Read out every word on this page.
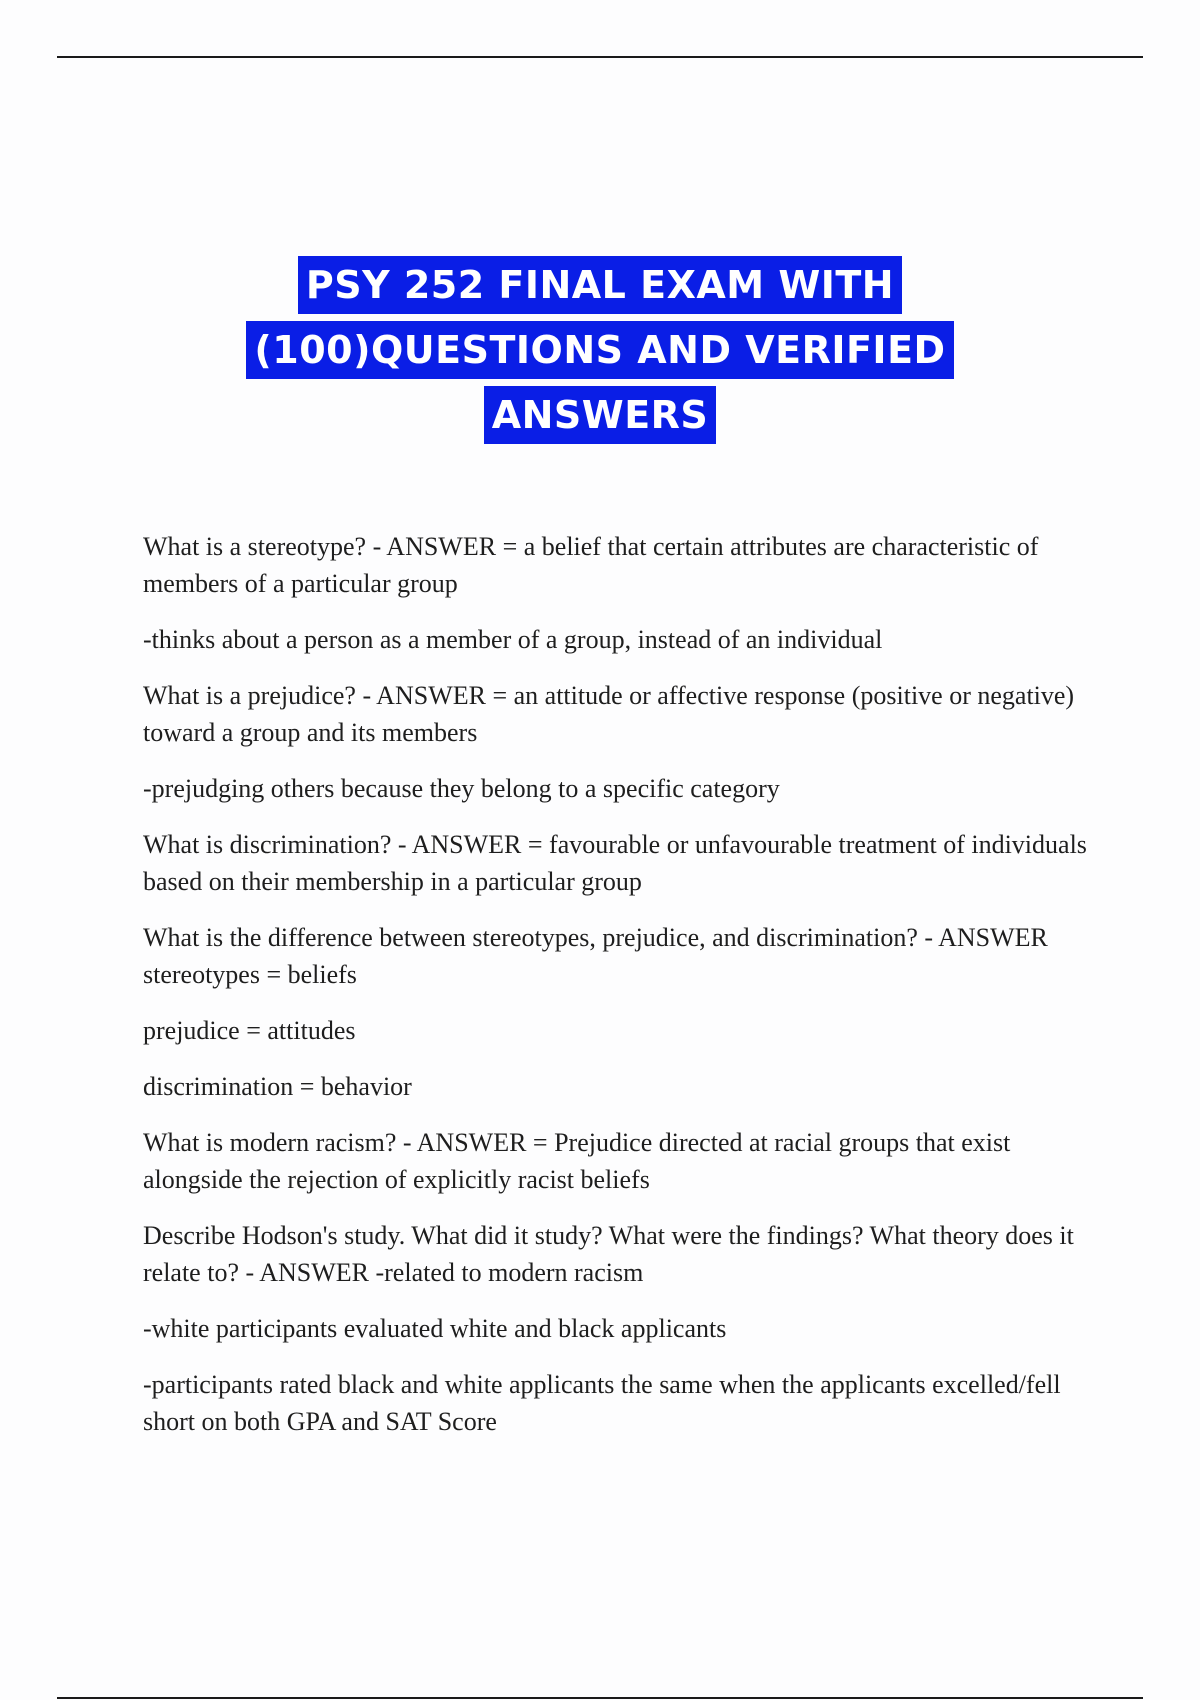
PSY 252 FINAL EXAM WITH
(100)QUESTIONS AND VERIFIED
ANSWERS

What is a stereotype? - ANSWER = a belief that certain attributes are characteristic of members of a particular group

-thinks about a person as a member of a group, instead of an individual

What is a prejudice? - ANSWER = an attitude or affective response (positive or negative) toward a group and its members

-prejudging others because they belong to a specific category

What is discrimination? - ANSWER = favourable or unfavourable treatment of individuals based on their membership in a particular group

What is the difference between stereotypes, prejudice, and discrimination? - ANSWER stereotypes = beliefs

prejudice = attitudes

discrimination = behavior

What is modern racism? - ANSWER = Prejudice directed at racial groups that exist alongside the rejection of explicitly racist beliefs

Describe Hodson's study. What did it study? What were the findings? What theory does it relate to? - ANSWER -related to modern racism

-white participants evaluated white and black applicants

-participants rated black and white applicants the same when the applicants excelled/fell short on both GPA and SAT Score
